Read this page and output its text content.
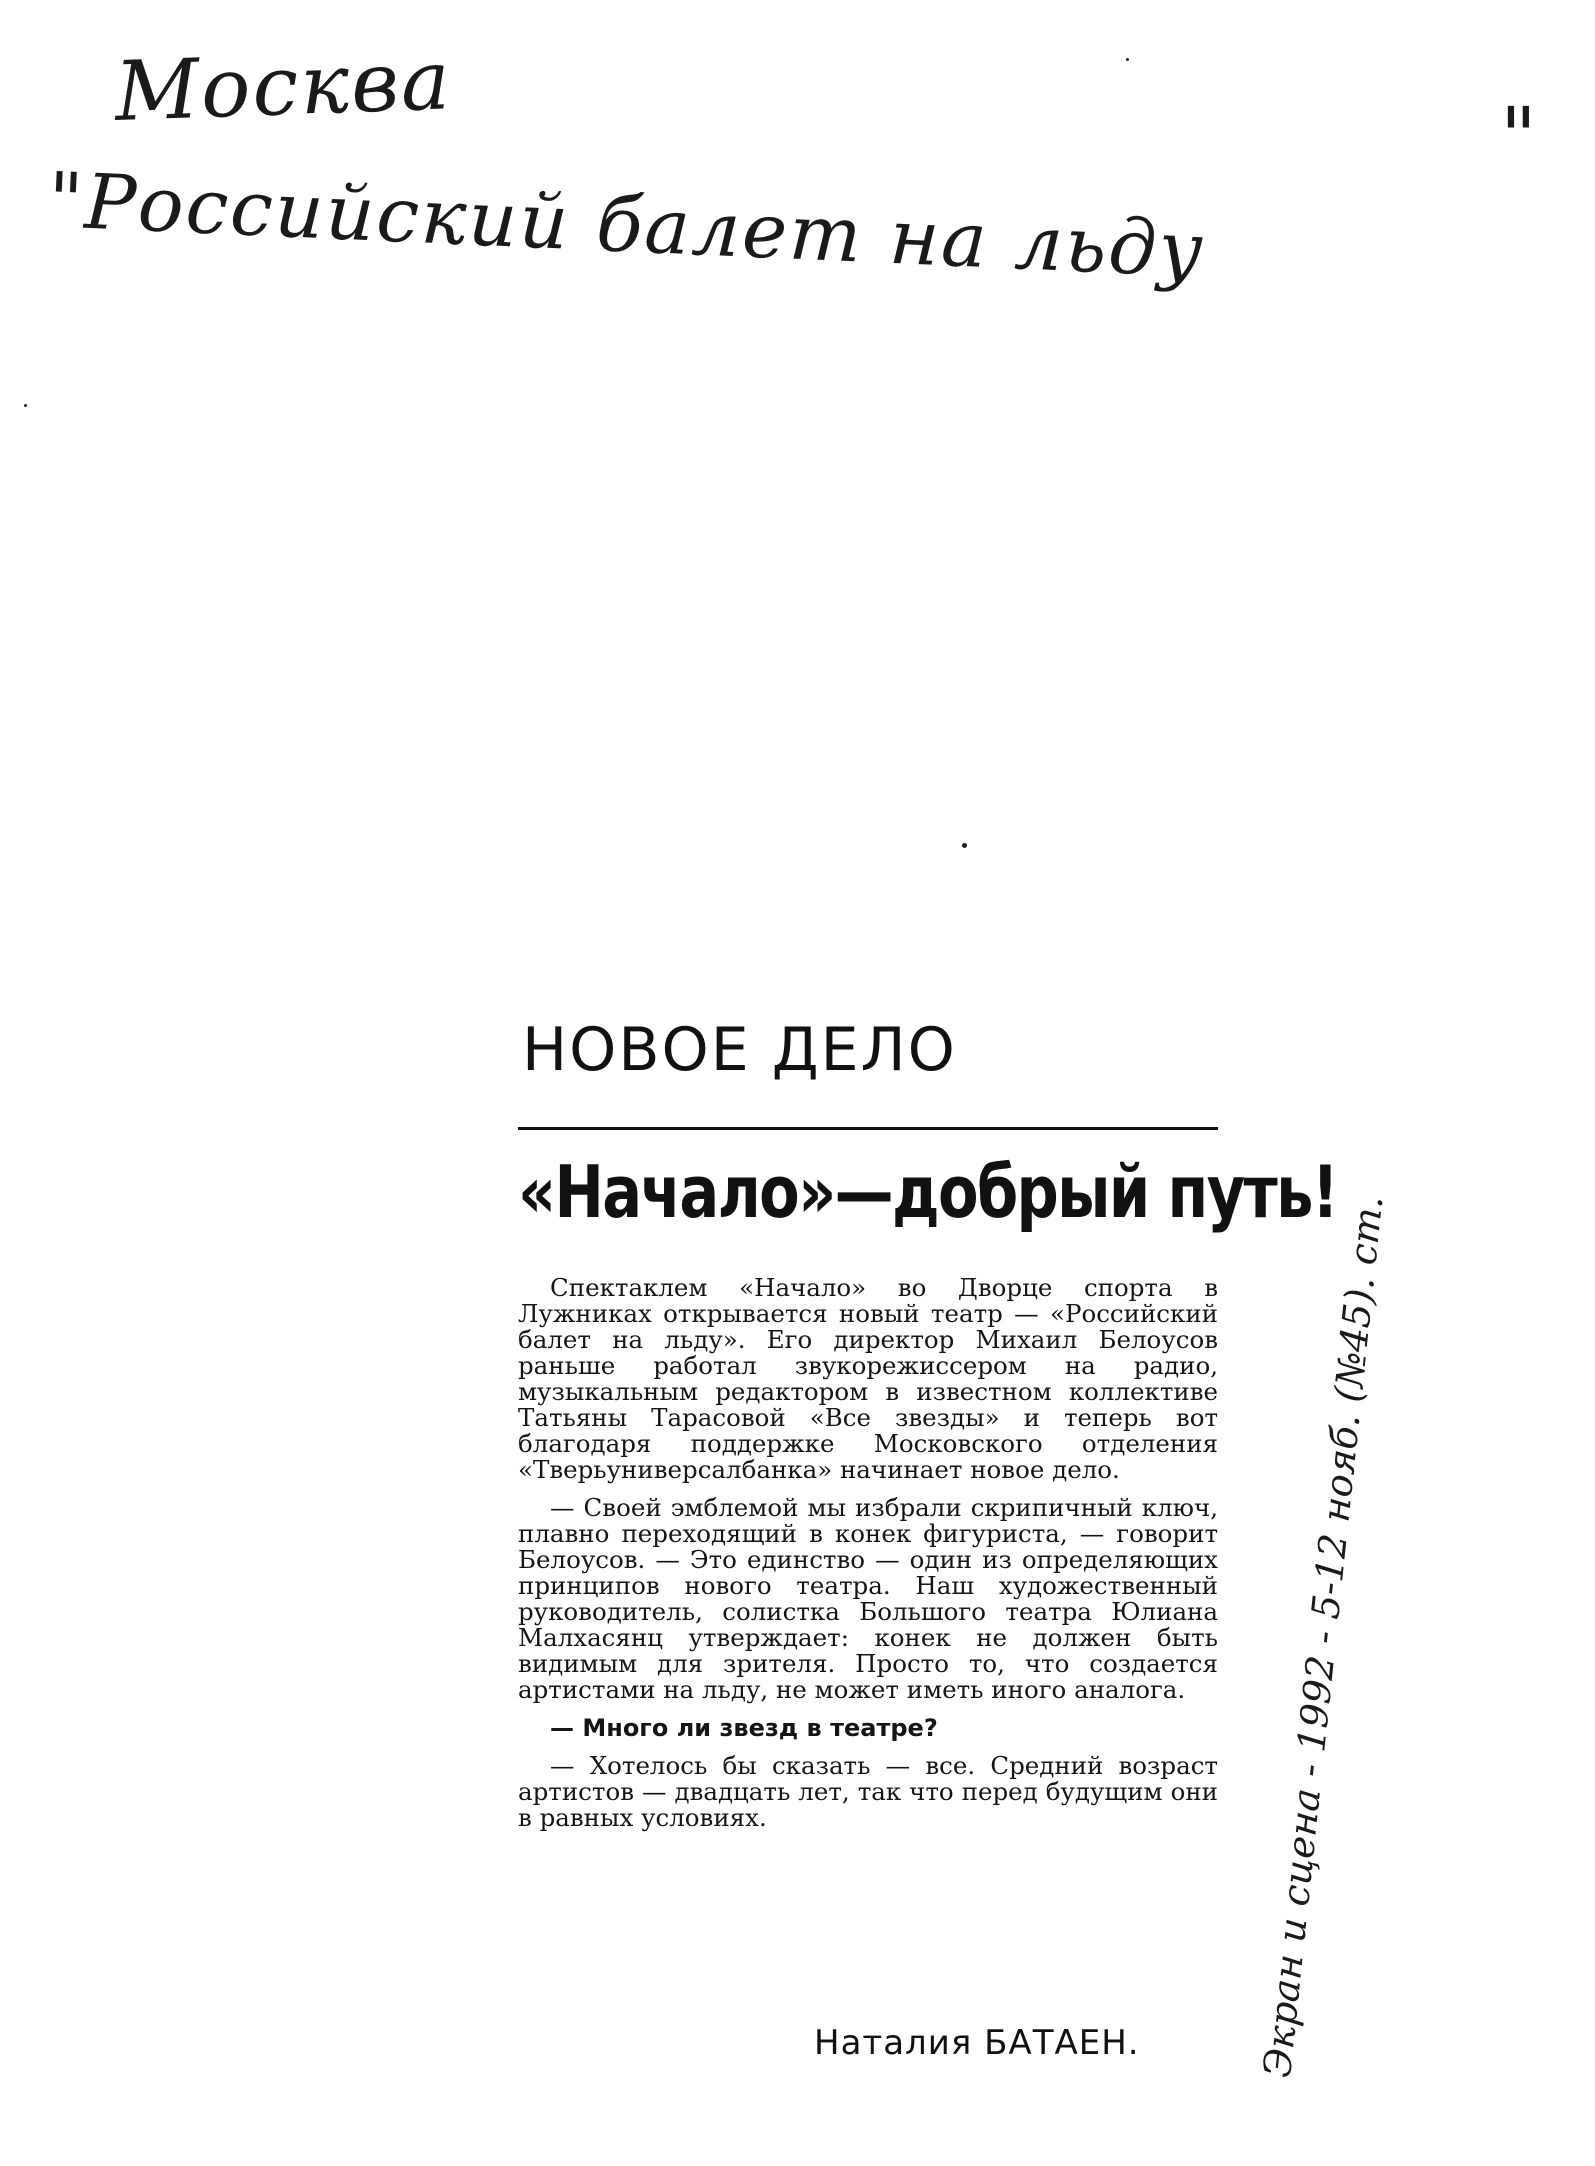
Москва
"Российский балет на льду
"
НОВОЕ ДЕЛО
«Начало»—добрый путь!

Спектаклем «Начало» во Дворце спорта в Лужниках открывается новый театр — «Российский балет на льду». Его директор Михаил Белоусов раньше работал звукорежиссером на радио, музыкальным редактором в известном коллективе Татьяны Тарасовой «Все звезды» и теперь вот благодаря поддержке Московского отделения «Тверьуниверсалбанка» начинает новое дело.

— Своей эмблемой мы избрали скрипичный ключ, плавно переходящий в конек фигуриста, — говорит Белоусов. — Это единство — один из определяющих принципов нового театра. Наш художественный руководитель, солистка Большого театра Юлиана Малхасянц утверждает: конек не должен быть видимым для зрителя. Просто то, что создается артистами на льду, не может иметь иного аналога.

— Много ли звезд в театре?

— Хотелось бы сказать — все. Средний возраст артистов — двадцать лет, так что перед будущим они в равных условиях.

Наталия БАТАЕН.	Экран и сцена - 1992 - 5-12 нояб. (№45). ст.
